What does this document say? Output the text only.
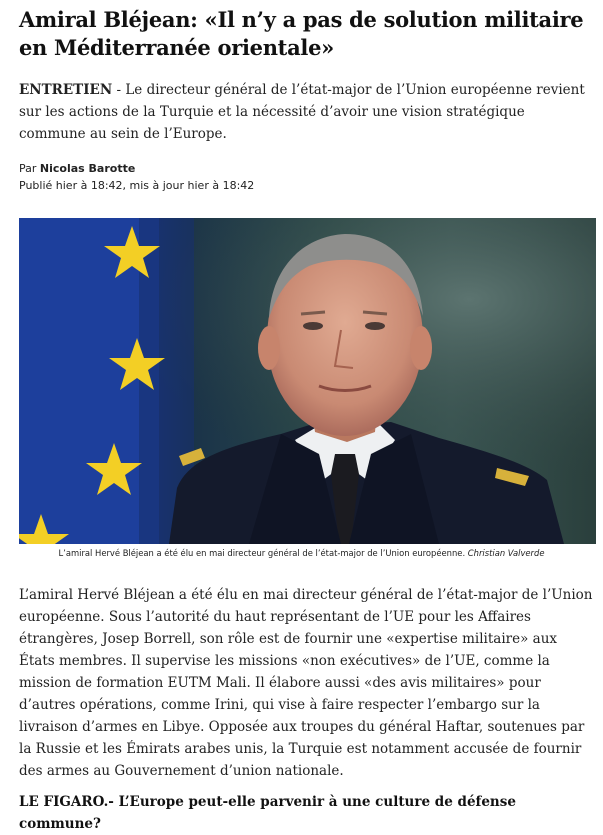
Amiral Bléjean: «Il n’y a pas de solution militaire en Méditerranée orientale»

ENTRETIEN - Le directeur général de l’état-major de l’Union européenne revient sur les actions de la Turquie et la nécessité d’avoir une vision stratégique commune au sein de l’Europe.

Par Nicolas Barotte
Publié hier à 18:42, mis à jour hier à 18:42
L’amiral Hervé Bléjean a été élu en mai directeur général de l’état-major de l’Union européenne. Christian Valverde

L’amiral Hervé Bléjean a été élu en mai directeur général de l’état-major de l’Union européenne. Sous l’autorité du haut représentant de l’UE pour les Affaires étrangères, Josep Borrell, son rôle est de fournir une «expertise militaire» aux États membres. Il supervise les missions «non exécutives» de l’UE, comme la mission de formation EUTM Mali. Il élabore aussi «des avis militaires» pour d’autres opérations, comme Irini, qui vise à faire respecter l’embargo sur la livraison d’armes en Libye. Opposée aux troupes du général Haftar, soutenues par la Russie et les Émirats arabes unis, la Turquie est notamment accusée de fournir des armes au Gouvernement d’union nationale.

LE FIGARO.- L’Europe peut-elle parvenir à une culture de défense commune?
